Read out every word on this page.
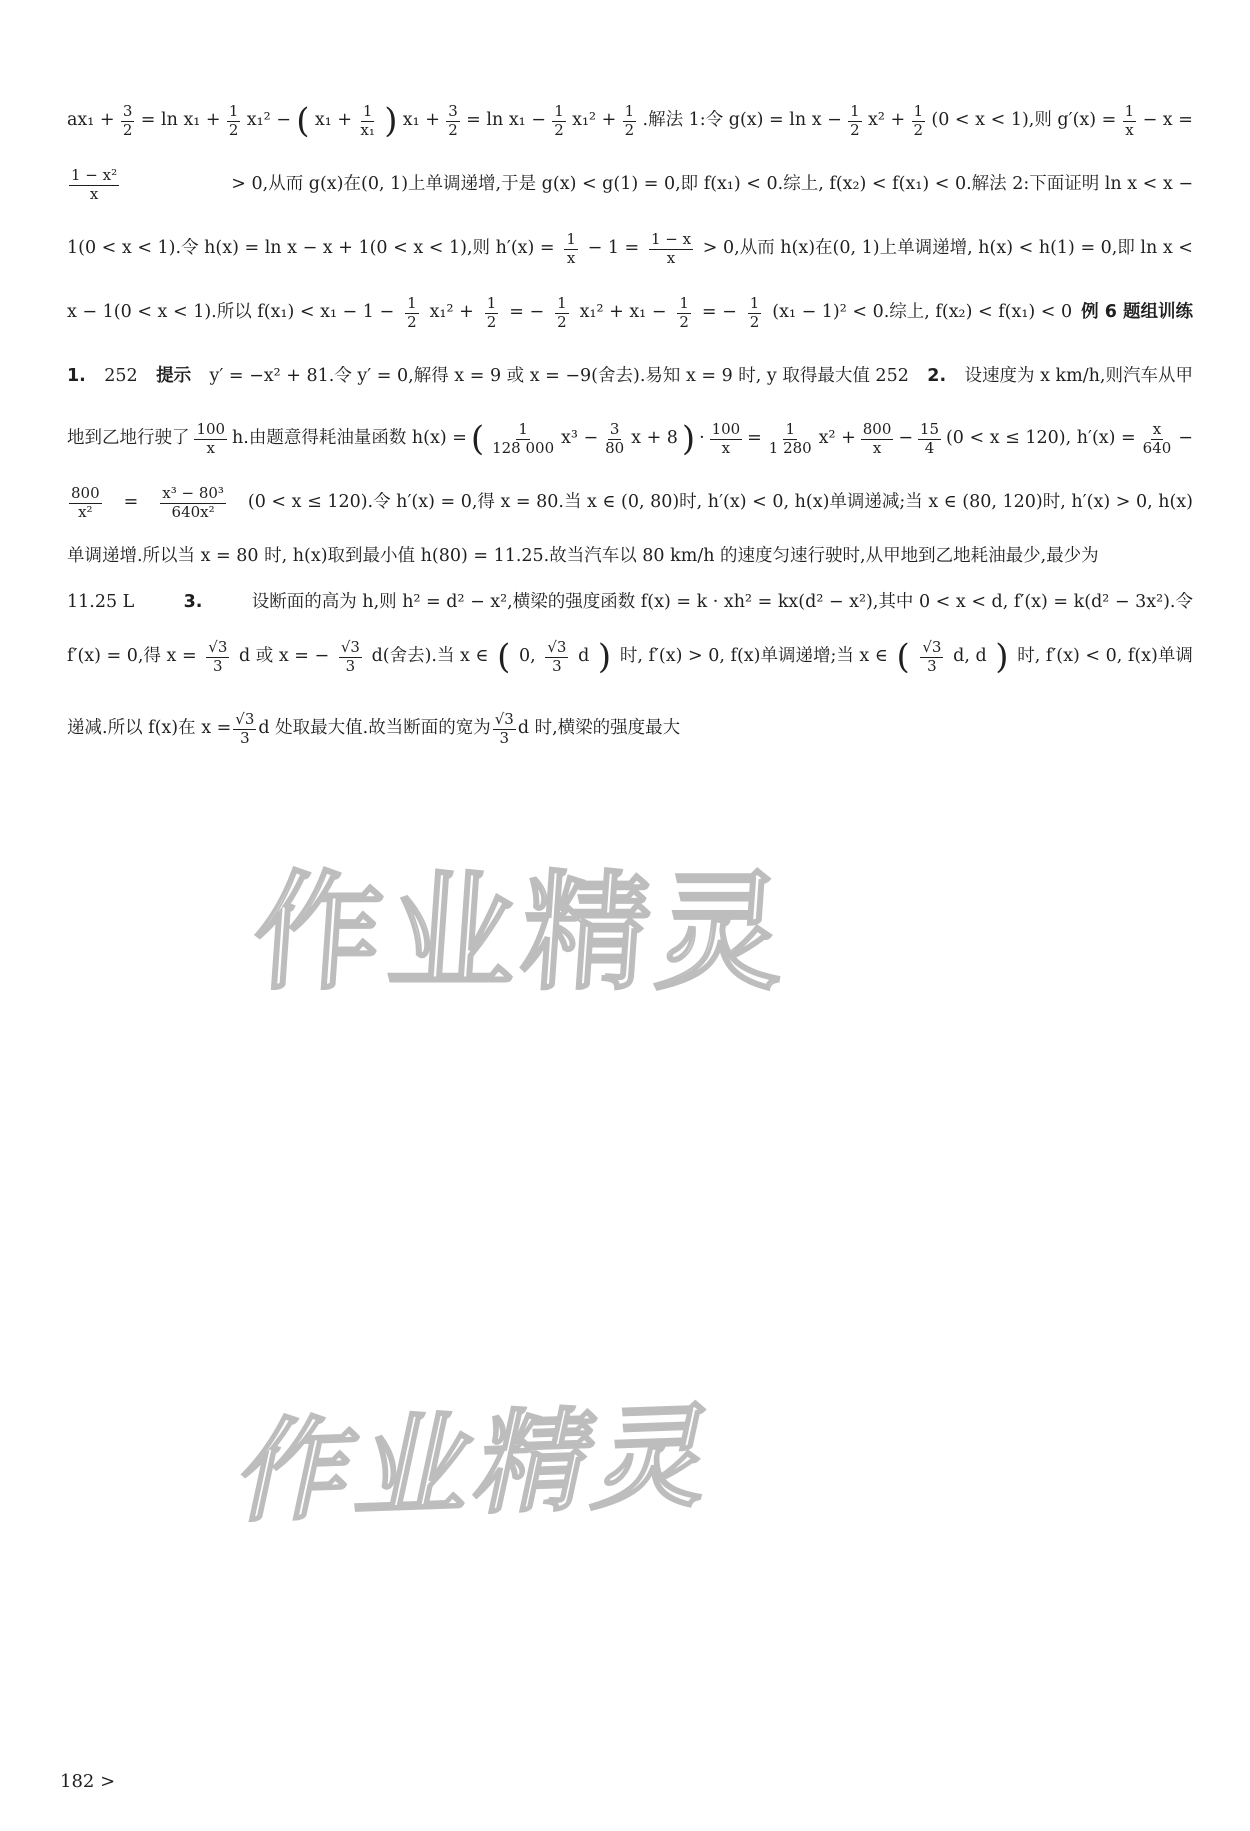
$ax_1 + \frac{3}{2} = \ln x_1 + \frac{1}{2} x_1^2$ − ( $x_1 + \frac{1}{\text{x₁}}$ ) $x_1 + \frac{3}{2} = \ln x_1 - \frac{1}{2} x_1^2 + \frac{1}{2}$ .解法 1:令 $g(x) = \ln x - \frac{1}{2} x^2 + \frac{1}{2} (0 < x < 1)$,则 $g'(x) = \frac{1}{x} - x$ =
$\frac{\text{1 − x²}}{x}$	> 0,从而 g(x)在(0, 1)上单调递增,于是 g(x) < g(1) = 0,即 f(x₁) < 0.综上, f(x₂) < f(x₁) < 0.解法 2:下面证明 ln x < x −
1(0 < x < 1).令 h(x) = ln x − x + 1(0 < x < 1),则 $h'(x) = \frac{1}{x} - 1 = \frac{1 - x}{x} > 0$,从而 h(x)在(0, 1)上单调递增, h(x) < h(1) = 0,即 ln x <
x − 1(0 < x < 1).所以 $f(x_1) < x_1 - 1 - \frac{1}{2} x_1^2 + \frac{1}{2}$ = − $\frac{1}{2} x_1^2 + x_1 - \frac{1}{2}$ = − $\frac{1}{2} (x_1 - 1)^2 < 0$.综上, f(x₂) < f(x₁) < 0 例 6 题组训练
1. 252 提示 y′ = −x² + 81.令 y′ = 0,解得 x = 9 或 x = −9(舍去).易知 x = 9 时, y 取得最大值 252 2. 设速度为 x km/h,则汽车从甲
地到乙地行驶了 $\frac{100}{x} h$.由题意得耗油量函数 h(x) = ( $\frac{1}{128 000} x^3 - \frac{3}{80}$ x + 8 ) · $\frac{100}{x} = \frac{1}{1 280} x^2 + \frac{800}{x} - \frac{15}{4} (0 < x \le 120)$, $h'(x) = \frac{x}{640}$ −
$\frac{800}{\text{x²}} = \frac{\text{x³ − 80³}}{\text{640x²}} (0 < x \le 120)$.令 h′(x) = 0,得 x = 80.当 x ∈ (0, 80)时, h′(x) < 0, h(x)单调递减;当 x ∈ (80, 120)时, h′(x) > 0, h(x)
单调递增.所以当 x = 80 时, h(x)取到最小值 h(80) = 11.25.故当汽车以 80 km/h 的速度匀速行驶时,从甲地到乙地耗油最少,最少为
11.25 L	3.	设断面的高为 h,则 h² = d² − x²,横梁的强度函数 f(x) = k · xh² = kx(d² − x²),其中 0 < x < d, f′(x) = k(d² − 3x²).令
f′(x) = 0,得 $x = \frac{√3}{3}$ d 或 x = − $\frac{√3}{3} d$(舍去).当 x ∈ ( 0, $\frac{√3}{3}$ d ) 时, f′(x) > 0, f(x)单调递增;当 x ∈ ( $\frac{√3}{3} d$, d ) 时, f′(x) < 0, f(x)单调
递减.所以 f(x)在 $x = \frac{√3}{3}$ d 处取最大值.故当断面的宽为 $\frac{√3}{3}$ d 时,横梁的强度最大
作业精灵
作业精灵
182 >
